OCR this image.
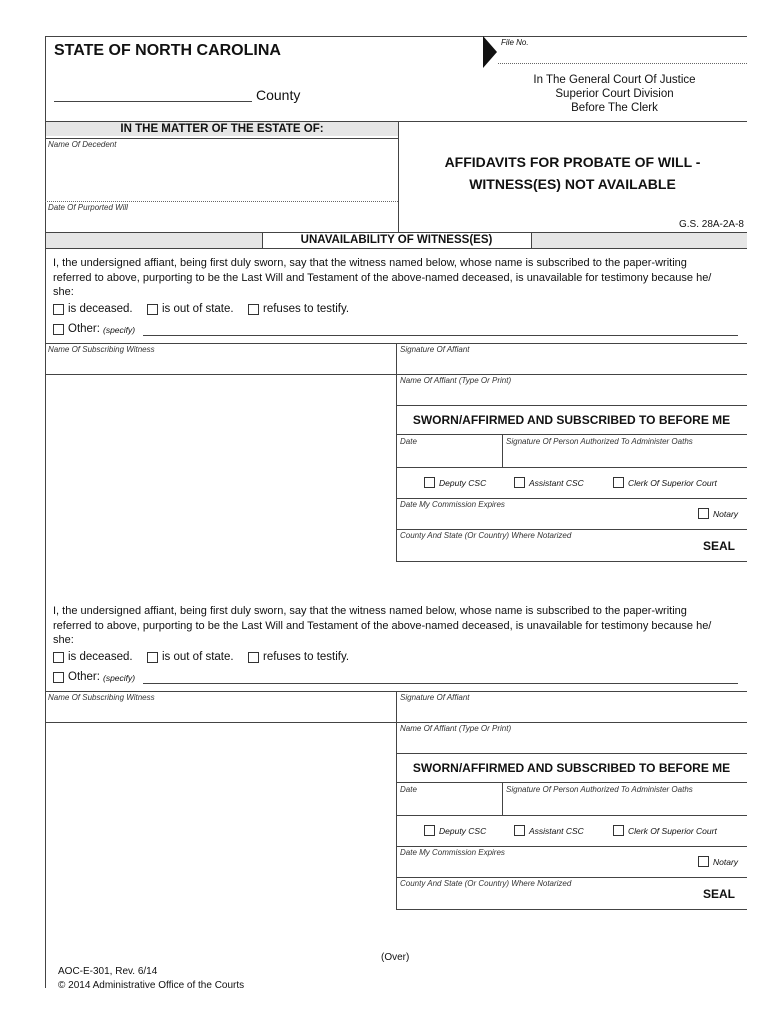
STATE OF NORTH CAROLINA	File No.
County
In The General Court Of Justice
Superior Court Division
Before The Clerk
IN THE MATTER OF THE ESTATE OF:
Name Of Decedent
Date Of Purported Will
AFFIDAVITS FOR PROBATE OF WILL -
WITNESS(ES) NOT AVAILABLE
G.S. 28A-2A-8
UNAVAILABILITY OF WITNESS(ES)
I, the undersigned affiant, being first duly sworn, say that the witness named below, whose name is subscribed to the paper-writing
referred to above, purporting to be the Last Will and Testament of the above-named deceased, is unavailable for testimony because he/
she:
is deceased.	is out of state.	refuses to testify.
Other: (specify)
Name Of Subscribing Witness	Signature Of Affiant
Name Of Affiant (Type Or Print)
SWORN/AFFIRMED AND SUBSCRIBED TO BEFORE ME
Date	Signature Of Person Authorized To Administer Oaths
Deputy CSC	Assistant CSC	Clerk Of Superior Court
Date My Commission Expires
Notary
County And State (Or Country) Where Notarized
SEAL
I, the undersigned affiant, being first duly sworn, say that the witness named below, whose name is subscribed to the paper-writing
referred to above, purporting to be the Last Will and Testament of the above-named deceased, is unavailable for testimony because he/
she:
is deceased.	is out of state.	refuses to testify.
Other: (specify)
Name Of Subscribing Witness	Signature Of Affiant
Name Of Affiant (Type Or Print)
SWORN/AFFIRMED AND SUBSCRIBED TO BEFORE ME
Date	Signature Of Person Authorized To Administer Oaths
Deputy CSC	Assistant CSC	Clerk Of Superior Court
Date My Commission Expires
Notary
County And State (Or Country) Where Notarized
SEAL
(Over)
AOC-E-301, Rev. 6/14
© 2014 Administrative Office of the Courts
